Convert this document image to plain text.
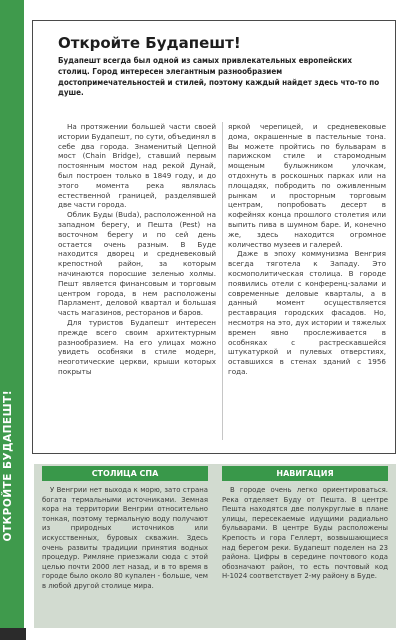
ОТКРОЙТЕ БУДАПЕШТ!
Откройте Будапешт!

Будапешт всегда был одной из самых привлекательных европейских столиц. Город интересен элегантным разнообразием достопримечательностей и стилей, поэтому каждый найдет здесь что-то по душе.

На протяжении большей части своей истории Будапешт, по сути, объединял в себе два города. Знаменитый Цепной мост (Chain Bridge), ставший первым постоянным мостом над рекой Дунай, был построен только в 1849 году, и до этого момента река являлась естественной границей, разделявшей две части города.

Облик Буды (Buda), расположенной на западном берегу, и Пешта (Pest) на восточном берегу и по сей день остается очень разным. В Буде находится дворец и средневековый крепостной район, за которым начинаются поросшие зеленью холмы. Пешт является финансовым и торговым центром города, в нем расположены Парламент, деловой квартал и большая часть магазинов, ресторанов и баров.

Для туристов Будапешт интересен прежде всего своим архитектурным разнообразием. На его улицах можно увидеть особняки в стиле модерн, неоготические церкви, крыши которых покрыты

яркой черепицей, и средневековые дома, окрашенные в пастельные тона. Вы можете пройтись по бульварам в парижском стиле и старомодным мощеным булыжником улочкам, отдохнуть в роскошных парках или на площадях, побродить по оживленным рынкам и просторным торговым центрам, попробовать десерт в кофейнях конца прошлого столетия или выпить пива в шумном баре. И, конечно же, здесь находится огромное количество музеев и галерей.

Даже в эпоху коммунизма Венгрия всегда тяготела к Западу. Это космополитическая столица. В городе появились отели с конференц-залами и современные деловые кварталы, а в данный момент осуществляется реставрация городских фасадов. Но, несмотря на это, дух истории и тяжелых времен явно прослеживается в особняках с растрескавшейся штукатуркой и пулевых отверстиях, оставшихся в стенах зданий с 1956 года.

СТОЛИЦА СПА

У Венгрии нет выхода к морю, зато страна богата термальными источниками. Земная кора на территории Венгрии относительно тонкая, поэтому термальную воду получают из природных источников или искусственных, буровых скважин. Здесь очень развиты традиции принятия водных процедур. Римляне приезжали сюда с этой целью почти 2000 лет назад, и в то время в городе было около 80 купален - больше, чем в любой другой столице мира.

НАВИГАЦИЯ

В городе очень легко ориентироваться. Река отделяет Буду от Пешта. В центре Пешта находятся две полукруглые в плане улицы, пересекаемые идущими радиально бульварами. В центре Буды расположены Крепость и гора Геллерт, возвышающиеся над берегом реки. Будапешт поделен на 23 района. Цифры в середине почтового кода обозначают район, то есть почтовый код Н-1024 соответствует 2-му району в Буде.
